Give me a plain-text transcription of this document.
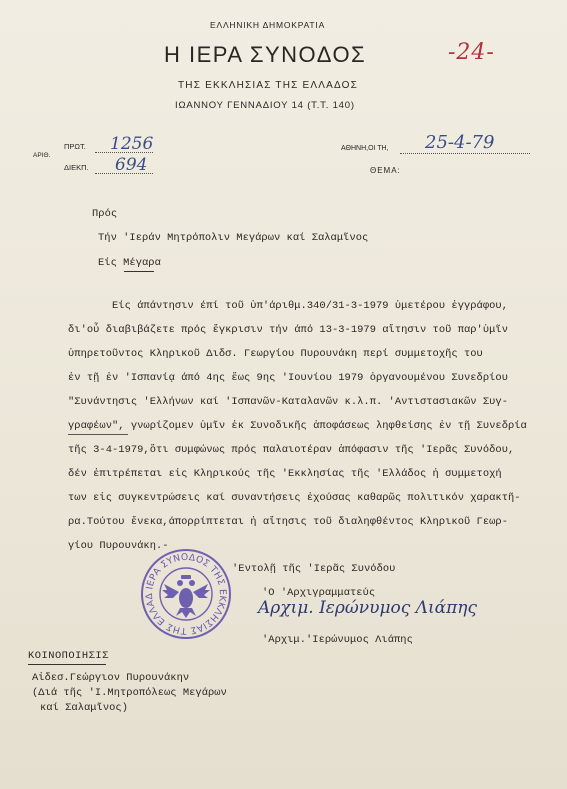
ΕΛΛΗΝΙΚΗ ΔΗΜΟΚΡΑΤΙΑ
Η ΙΕΡΑ ΣΥΝΟΔΟΣ
ΤΗΣ ΕΚΚΛΗΣΙΑΣ ΤΗΣ ΕΛΛΑΔΟΣ
ΙΩΑΝΝΟΥ ΓΕΝΝΑΔΙΟΥ 14 (Τ.Τ. 140)
-24-
ΑΡΙΘ.
ΠΡΩΤ. 1256
ΔΙΕΚΠ. 694
ΑΘΗΝΗ,ΟΙ ΤΗ, 25-4-79
ΘΕΜΑ:
Πρός
Τήν 'Ιεράν Μητρόπολιν Μεγάρων καί Σαλαμῖνος
Είς Μέγαρα
Είς άπάντησιν έπί τοῦ ὑπ'άριθμ.340/31-3-1979 ὑμετέρου ἐγγράφου,
δι'οὗ διαβιβάζετε πρός ἔγκρισιν τήν άπό 13-3-1979 αἴτησιν τοῦ παρ'ὑμῖν
ὑπηρετοῦντος Κληρικοῦ Διδσ. Γεωργίου Πυρουνάκη περί συμμετοχῆς του
ἐν τῇ ἐν 'Ισπανίᾳ άπό 4ης ἕως 9ης 'Ιουνίου 1979 ὀργανουμένου Συνεδρίου
"Συνάντησις 'Ελλήνων καί 'Ισπανῶν-Καταλανῶν κ.λ.π. 'Αντιστασιακῶν Συγ-
γραφέων", γνωρίζομεν ὑμῖν ἐκ Συνοδικῆς ἀποφάσεως ληφθείσης ἐν τῇ Συνεδρία
τῆς 3-4-1979,ὅτι συμφώνως πρός παλαιοτέραν ἀπόφασιν τῆς 'Ιερᾶς Συνόδου,
δέν ἐπιτρέπεται εἰς Κληρικούς τῆς 'Εκκλησίας τῆς 'Ελλάδος ἡ συμμετοχή
των εἰς συγκεντρώσεις καί συναντήσεις ἐχούσας καθαρῶς πολιτικόν χαρακτῆ-
ρα.Τούτου ἕνεκα,άπορρίπτεται ἡ αἴτησις τοῦ διαληφθέντος Κληρικοῦ Γεωρ-
γίου Πυρουνάκη.-
'Εντολῇ τῆς 'Ιερᾶς Συνόδου
'Ο 'Αρχιγραμματεύς
Αρχιμ. Ιερώνυμος Λιάπης
'Αρχιμ.'Ιερώνυμος Λιάπης
ΙΕΡΑ ΣΥΝΟΔΟΣ ΤΗΣ ΕΚΚΛΗΣΙΑΣ ΤΗΣ ΕΛΛΑΔ
ΚΟΙΝΟΠΟΙΗΣΙΣ
Αἰδεσ.Γεώργιον Πυρουνάκην
(Διά τῆς 'Ι.Μητροπόλεως Μεγάρων
καί Σαλαμῖνος)
